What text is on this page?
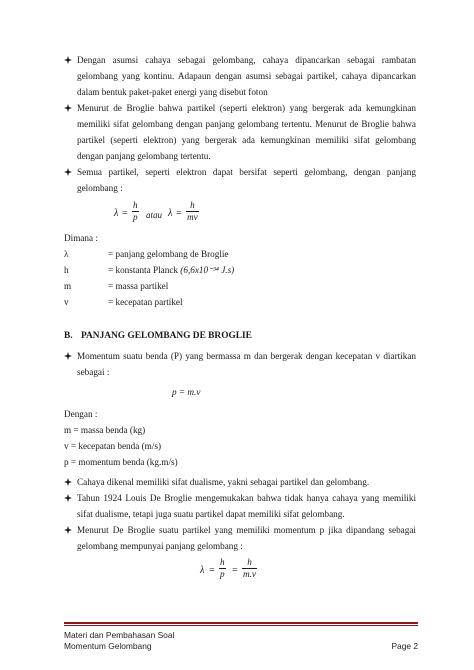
Dengan asumsi cahaya sebagai gelombang, cahaya dipancarkan sebagai rambatan gelombang yang kontinu. Adapaun dengan asumsi sebagai partikel, cahaya dipancarkan dalam bentuk paket-paket energi yang disebut foton

Menurut de Broglie bahwa partikel (seperti elektron) yang bergerak ada kemungkinan memiliki sifat gelombang dengan panjang gelombang tertentu. Menurut de Broglie bahwa partikel (seperti elektron) yang bergerak ada kemungkinan memiliki sifat gelombang dengan panjang gelombang tertentu.

Semua partikel, seperti elektron dapat bersifat seperti gelombang, dengan panjang gelombang :

$\lambda = \frac{h}{p}$ atau $\lambda = \frac{h}{mv}$

Dimana :

λ	= panjang gelombang de Broglie
h	= konstanta Planck (6,6x10⁻³⁴ J.s)
m	= massa partikel
v	= kecepatan partikel
B. PANJANG GELOMBANG DE BROGLIE

Momentum suatu benda (P) yang bermassa m dan bergerak dengan kecepatan v diartikan sebagai :

p = m.v

Dengan :

m = massa benda (kg)

v = kecepatan benda (m/s)

p = momentum benda (kg.m/s)

Cahaya dikenal memiliki sifat dualisme, yakni sebagai partikel dan gelombang.

Tahun 1924 Louis De Broglie mengemukakan bahwa tidak hanya cahaya yang memiliki sifat dualisme, tetapi juga suatu partikel dapat memiliki sifat gelombang.

Menurut De Broglie suatu partikel yang memiliki momentum p jika dipandang sebagai gelombang mempunyai panjang gelombang :

$\lambda = \frac{h}{p} = \frac{h}{m.v}$
Materi dan Pembahasan Soal
Momentum Gelombang	Page 2
